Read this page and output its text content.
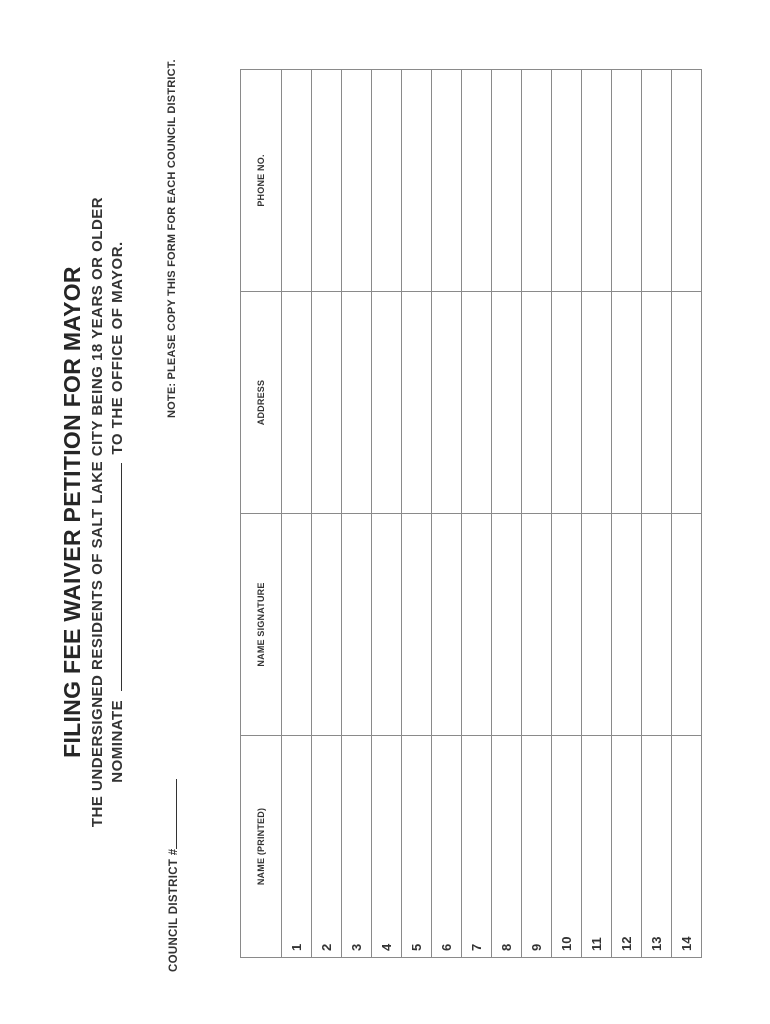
FILING FEE WAIVER PETITION FOR MAYOR THE UNDERSIGNED RESIDENTS OF SALT LAKE CITY BEING 18 YEARS OR OLDER NOMINATE  TO THE OFFICE OF MAYOR.
COUNCIL DISTRICT #
NOTE: PLEASE COPY THIS FORM FOR EACH COUNCIL DISTRICT.
NAME (PRINTED)	NAME SIGNATURE	ADDRESS	PHONE NO.
1			
2			
3			
4			
5			
6			
7			
8			
9			
10			
11			
12			
13			
14			
